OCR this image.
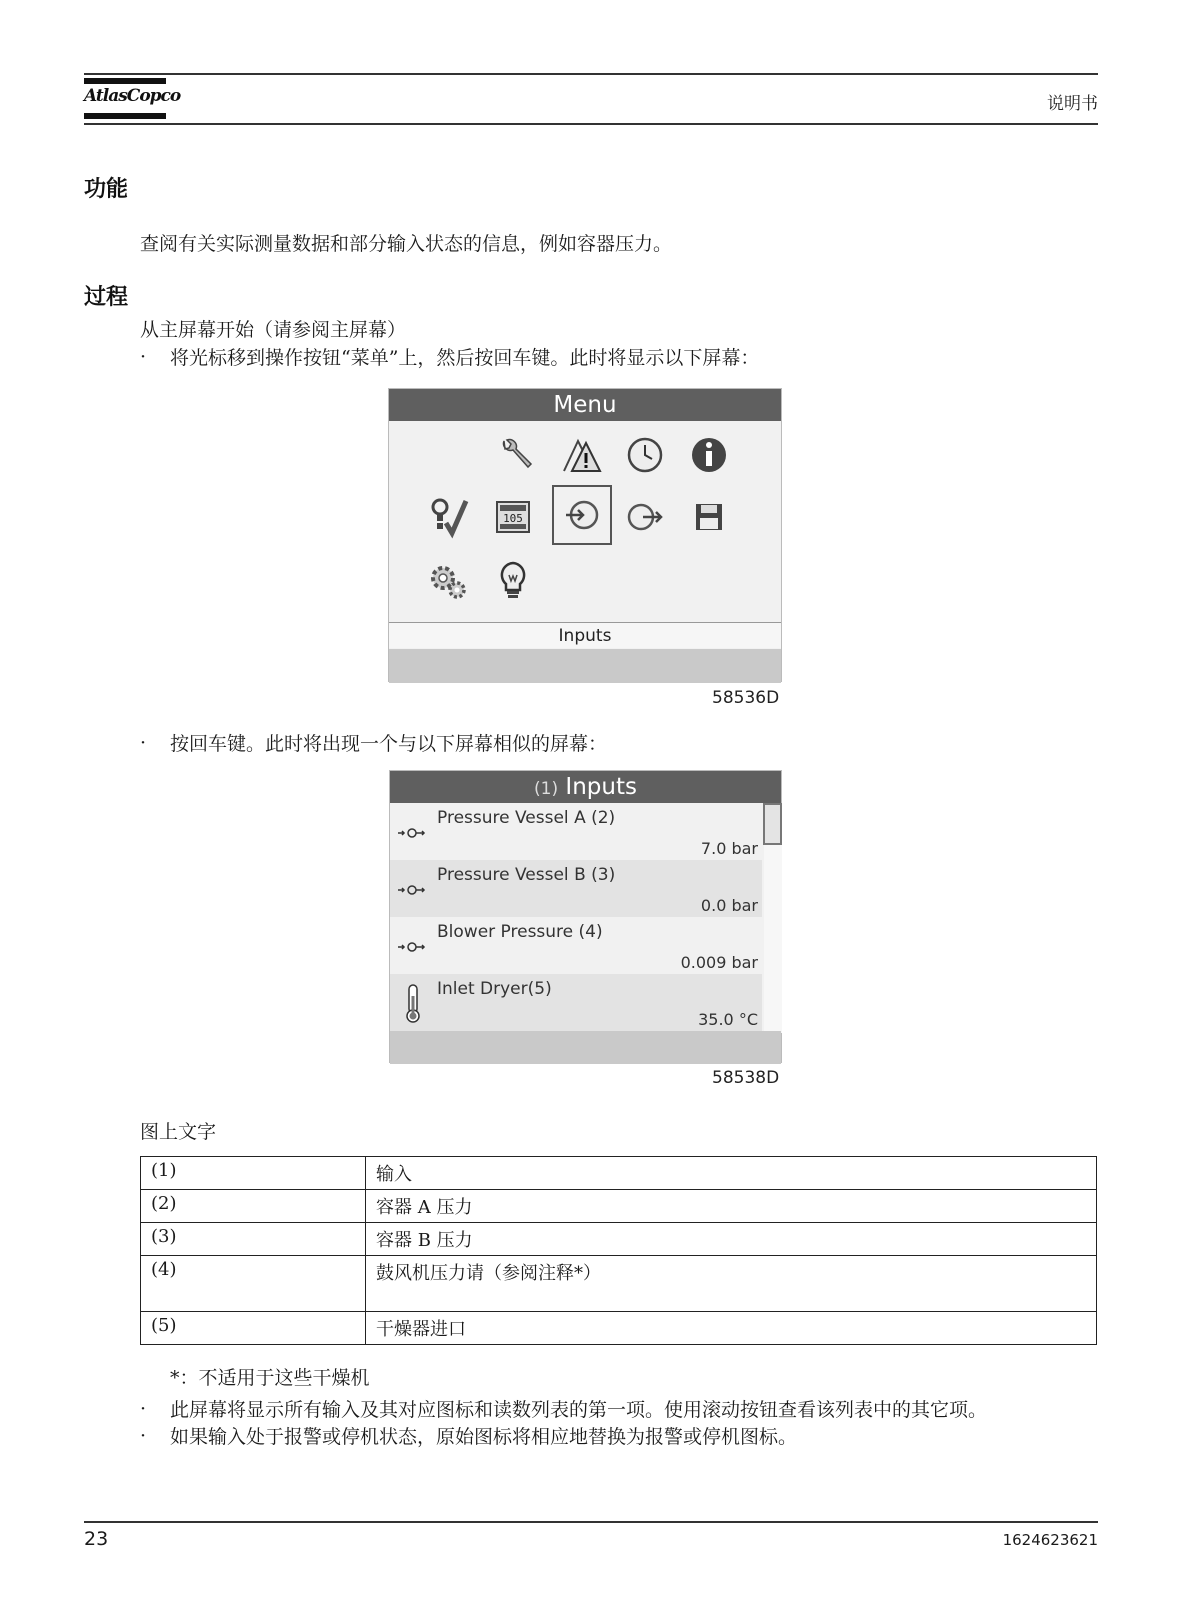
AtlasCopco	说明书
功能
查阅有关实际测量数据和部分输入状态的信息，例如容器压力。
过程
从主屏幕开始（请参阅主屏幕）
· 将光标移到操作按钮“菜单”上，然后按回车键。此时将显示以下屏幕：
Menu
105
Inputs
58536D
· 按回车键。此时将出现一个与以下屏幕相似的屏幕：
(1) Inputs
Pressure Vessel A (2)
7.0 bar
Pressure Vessel B (3)
0.0 bar
Blower Pressure (4)
0.009 bar
Inlet Dryer(5)
35.0 °C
58538D
图上文字
(1)	输入
(2)	容器 A 压力
(3)	容器 B 压力
(4)	鼓风机压力请（参阅注释*）
(5)	干燥器进口
*：不适用于这些干燥机
· 此屏幕将显示所有输入及其对应图标和读数列表的第一项。使用滚动按钮查看该列表中的其它项。
· 如果输入处于报警或停机状态，原始图标将相应地替换为报警或停机图标。
23	1624623621
